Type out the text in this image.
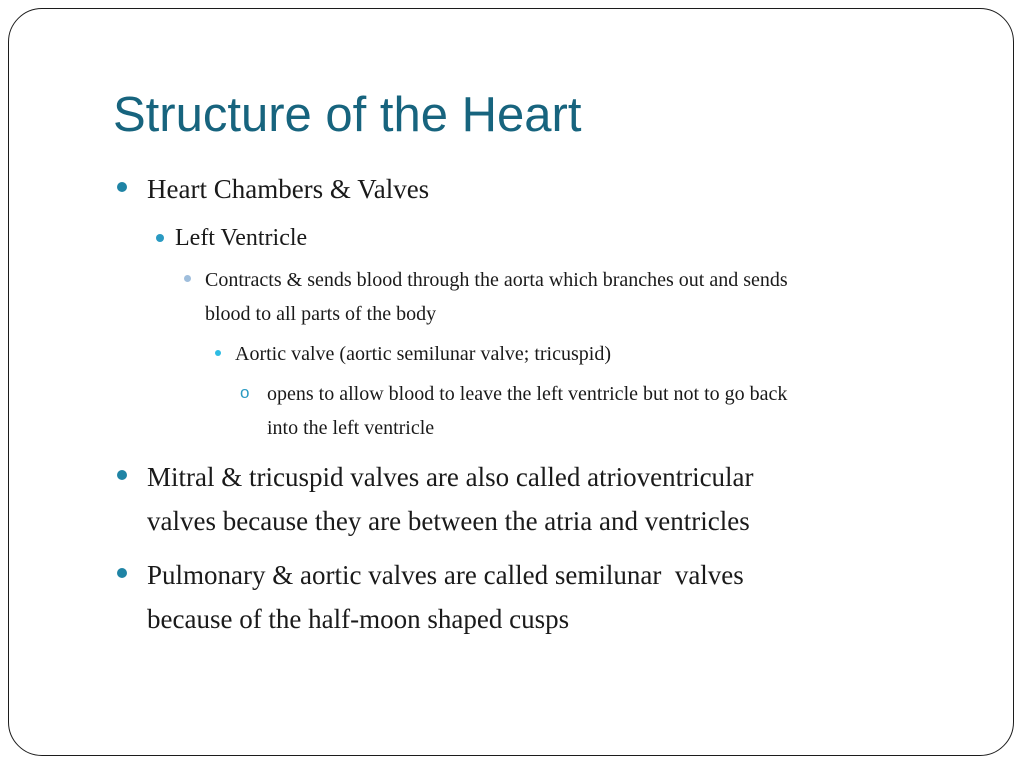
Structure of the Heart
Heart Chambers & Valves
Left Ventricle
Contracts & sends blood through the aorta which branches out and sends
blood to all parts of the body
Aortic valve (aortic semilunar valve; tricuspid)
o opens to allow blood to leave the left ventricle but not to go back
into the left ventricle
Mitral & tricuspid valves are also called atrioventricular
valves because they are between the atria and ventricles
Pulmonary & aortic valves are called semilunar  valves
because of the half-moon shaped cusps
